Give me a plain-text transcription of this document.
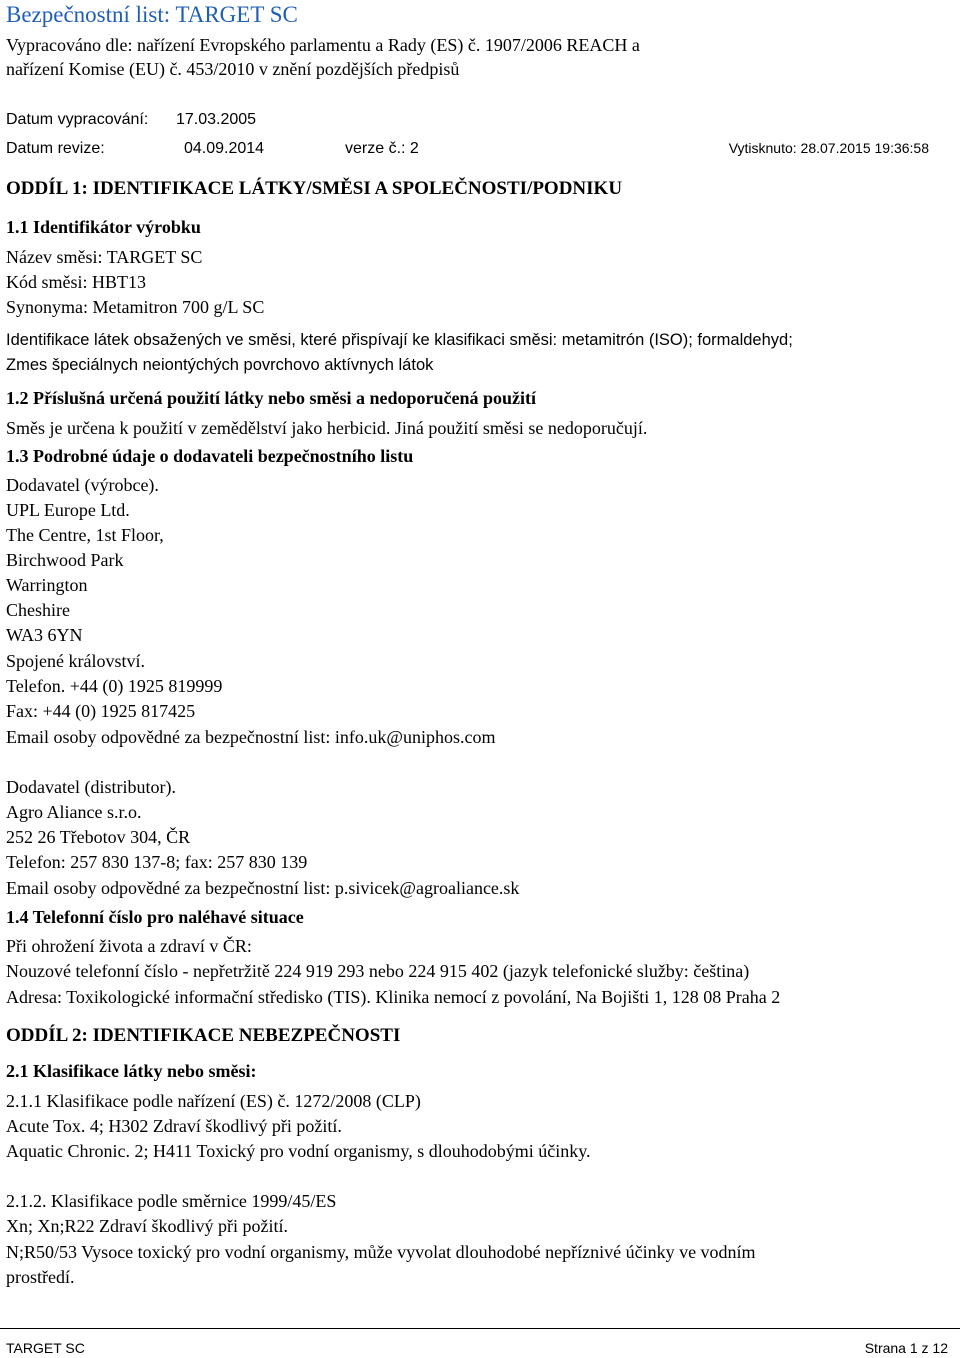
Bezpečnostní list: TARGET SC
Vypracováno dle: nařízení Evropského parlamentu a Rady (ES) č. 1907/2006 REACH a
nařízení Komise (EU) č. 453/2010 v znění pozdějších předpisů
Datum vypracování: 17.03.2005
Datum revize:	04.09.2014	verze č.: 2	Vytisknuto: 28.07.2015 19:36:58
ODDÍL 1: IDENTIFIKACE LÁTKY/SMĚSI A SPOLEČNOSTI/PODNIKU
1.1 Identifikátor výrobku
Název směsi: TARGET SC
Kód směsi: HBT13
Synonyma: Metamitron 700 g/L SC
Identifikace látek obsažených ve směsi, které přispívají ke klasifikaci směsi: metamitrón (ISO); formaldehyd;
Zmes špeciálnych neiontýchých povrchovo aktívnych látok
1.2 Příslušná určená použití látky nebo směsi a nedoporučená použití
Směs je určena k použití v zemědělství jako herbicid. Jiná použití směsi se nedoporučují.
1.3 Podrobné údaje o dodavateli bezpečnostního listu
Dodavatel (výrobce).
UPL Europe Ltd.
The Centre, 1st Floor,
Birchwood Park
Warrington
Cheshire
WA3 6YN
Spojené království.
Telefon. +44 (0) 1925 819999
Fax: +44 (0) 1925 817425
Email osoby odpovědné za bezpečnostní list: info.uk@uniphos.com
Dodavatel (distributor).
Agro Aliance s.r.o.
252 26 Třebotov 304, ČR
Telefon: 257 830 137-8; fax: 257 830 139
Email osoby odpovědné za bezpečnostní list: p.sivicek@agroaliance.sk
1.4 Telefonní číslo pro naléhavé situace
Při ohrožení života a zdraví v ČR:
Nouzové telefonní číslo - nepřetržitě 224 919 293 nebo 224 915 402 (jazyk telefonické služby: čeština)
Adresa: Toxikologické informační středisko (TIS). Klinika nemocí z povolání, Na Bojišti 1, 128 08 Praha 2
ODDÍL 2: IDENTIFIKACE NEBEZPEČNOSTI
2.1 Klasifikace látky nebo směsi:
2.1.1 Klasifikace podle nařízení (ES) č. 1272/2008 (CLP)
Acute Tox. 4; H302 Zdraví škodlivý při požití.
Aquatic Chronic. 2; H411 Toxický pro vodní organismy, s dlouhodobými účinky.
2.1.2. Klasifikace podle směrnice 1999/45/ES
Xn; Xn;R22 Zdraví škodlivý při požití.
N;R50/53 Vysoce toxický pro vodní organismy, může vyvolat dlouhodobé nepříznivé účinky ve vodním
prostředí.
TARGET SC	Strana 1 z 12
